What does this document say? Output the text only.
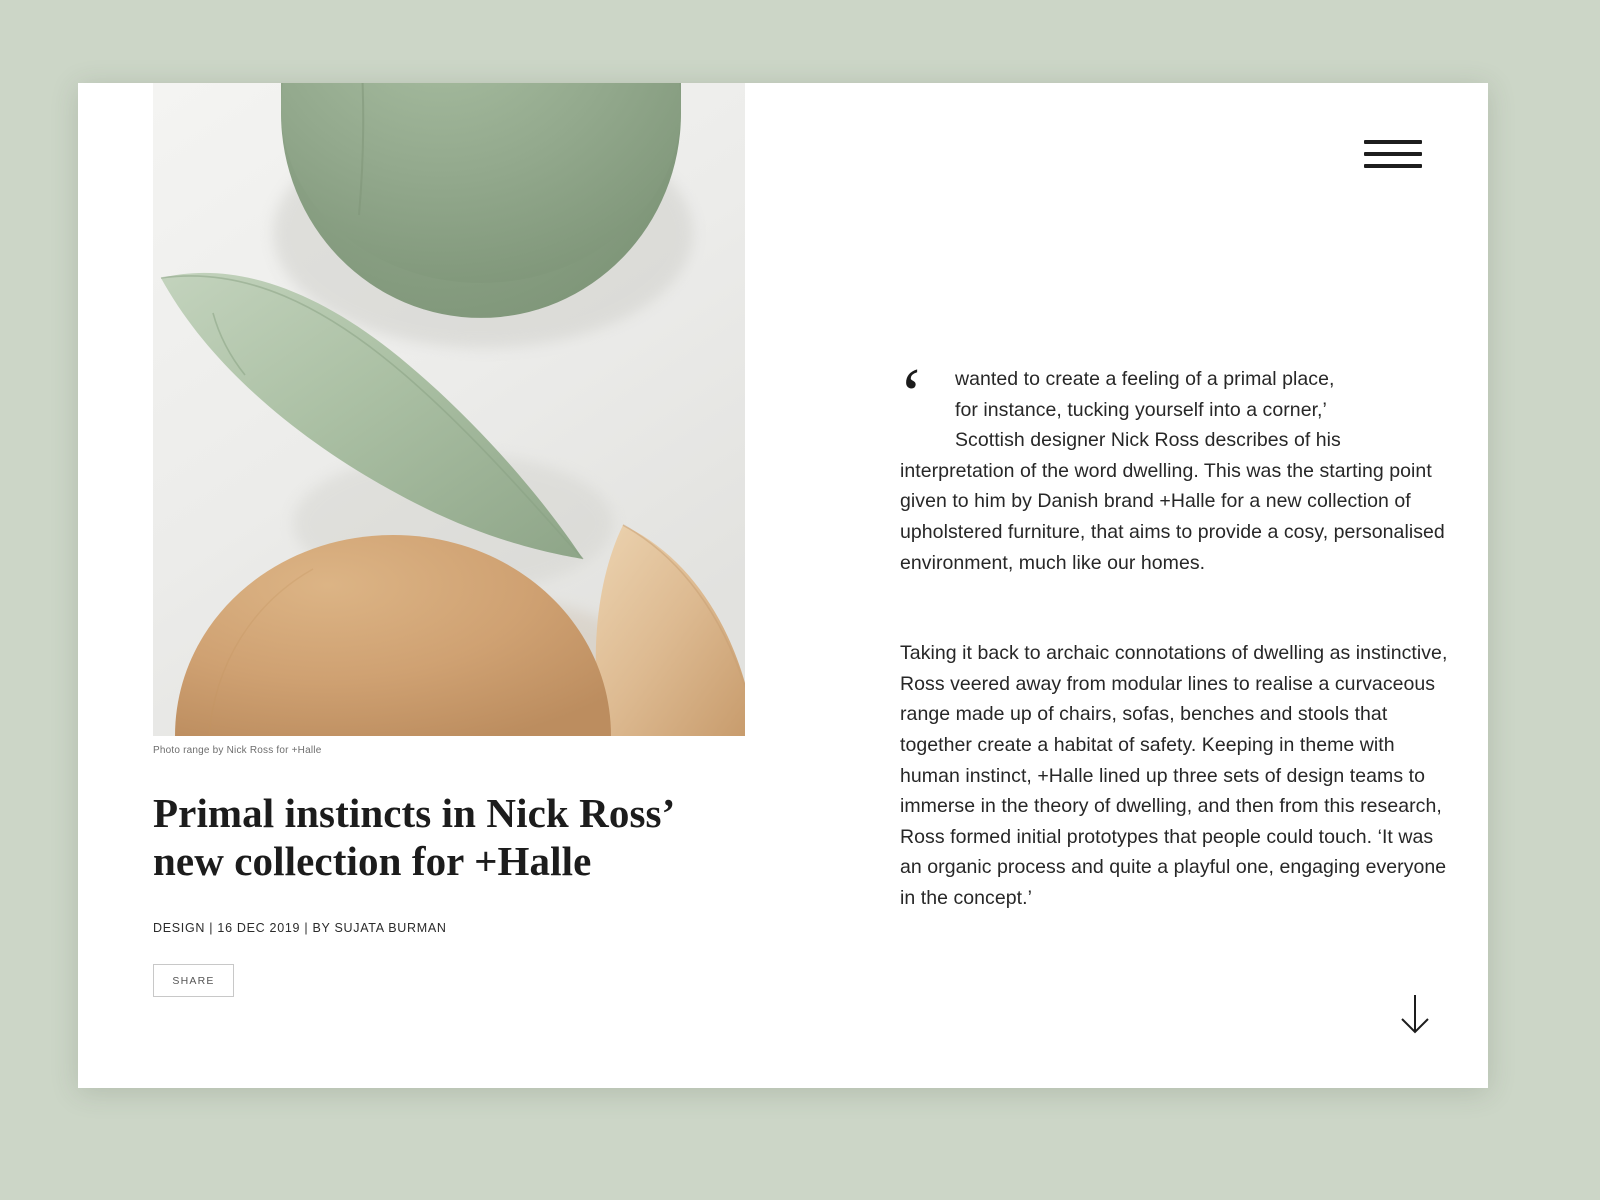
Photo range by Nick Ross for +Halle
Primal instincts in Nick Ross’ new collection for +Halle
DESIGN | 16 DEC 2019 | BY SUJATA BURMAN
SHARE

‘	wanted to create a feeling of a primal place,
for instance, tucking yourself into a corner,’
Scottish designer Nick Ross describes of his
interpretation of the word dwelling. This was the starting point given to him by Danish brand +Halle for a new collection of upholstered furniture, that aims to provide a cosy, personalised environment, much like our homes.

Taking it back to archaic connotations of dwelling as instinctive, Ross veered away from modular lines to realise a curvaceous range made up of chairs, sofas, benches and stools that together create a habitat of safety. Keeping in theme with human instinct, +Halle lined up three sets of design teams to immerse in the theory of dwelling, and then from this research, Ross formed initial prototypes that people could touch. ‘It was an organic process and quite a playful one, engaging everyone in the concept.’
